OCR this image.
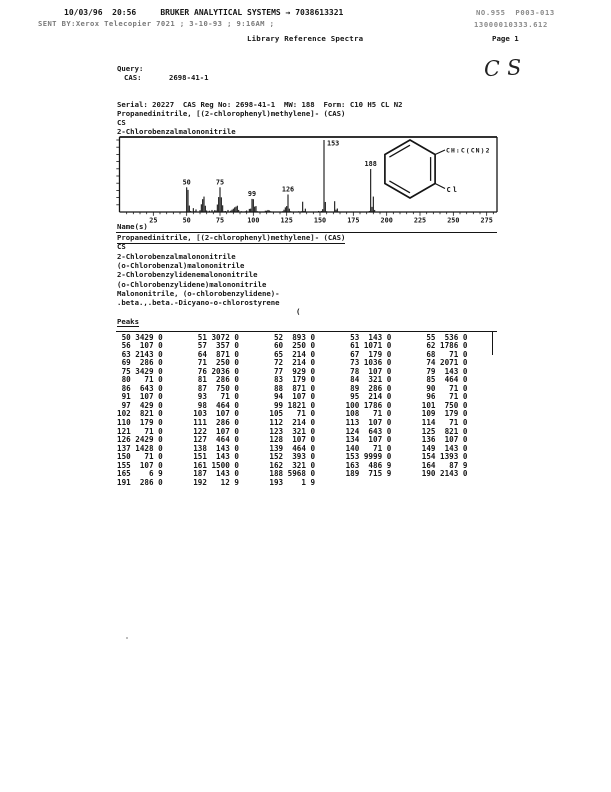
10/03/96  20:56     BRUKER ANALYTICAL SYSTEMS → 7038613321	NO.955  P003-013
SENT BY:Xerox Telecopier 7021 ; 3-10-93 ; 9:16AM ;	13000010333.612
Library Reference Spectra	Page 1
CS
Query:
CAS:	2698-41-1
Serial: 20227  CAS Reg No: 2698-41-1  MW: 188  Form: C10 H5 CL N2
Propanedinitrile, [(2-chlorophenyl)methylene]- (CAS)
CS
2-Chlorobenzalmalononitrile
CH:C(CN)2
Cl
25	50	75	100	125	150	175	200	225	250	275
50	75
99
126
153
188
Name(s)
Propanedinitrile, [(2-chlorophenyl)methylene]- (CAS)
CS
2-Chlorobenzalmalononitrile
(o-Chlorobenzal)malononitrile
2-Chlorobenzylidenemalononitrile
(o-Chlorobenzylidene)malononitrile
Malononitrile, (o-chlorobenzylidene)-
.beta.,.beta.-Dicyano-o-chlorostyrene
(
Peaks
50 3429 0	51 3072 0	52  893 0	53  143 0	55  536 0
56  107 0	57  357 0	60  250 0	61 1071 0	62 1786 0
63 2143 0	64  871 0	65  214 0	67  179 0	68   71 0
69  286 0	71  250 0	72  214 0	73 1036 0	74 2071 0
75 3429 0	76 2036 0	77  929 0	78  107 0	79  143 0
80   71 0	81  286 0	83  179 0	84  321 0	85  464 0
86  643 0	87  750 0	88  871 0	89  286 0	90   71 0
91  107 0	93   71 0	94  107 0	95  214 0	96   71 0
97  429 0	98  464 0	99 1821 0	100 1786 0	101  750 0
102  821 0	103  107 0	105   71 0	108   71 0	109  179 0
110  179 0	111  286 0	112  214 0	113  107 0	114   71 0
121   71 0	122  107 0	123  321 0	124  643 0	125  821 0
126 2429 0	127  464 0	128  107 0	134  107 0	136  107 0
137 1428 0	138  143 0	139  464 0	140   71 0	149  143 0
150   71 0	151  143 0	152  393 0	153 9999 0	154 1393 0
155  107 0	161 1500 0	162  321 0	163  486 9	164   87 9
165    6 9	187  143 0	188 5968 0	189  715 9	190 2143 0
191  286 0	192   12 9	193    1 9
